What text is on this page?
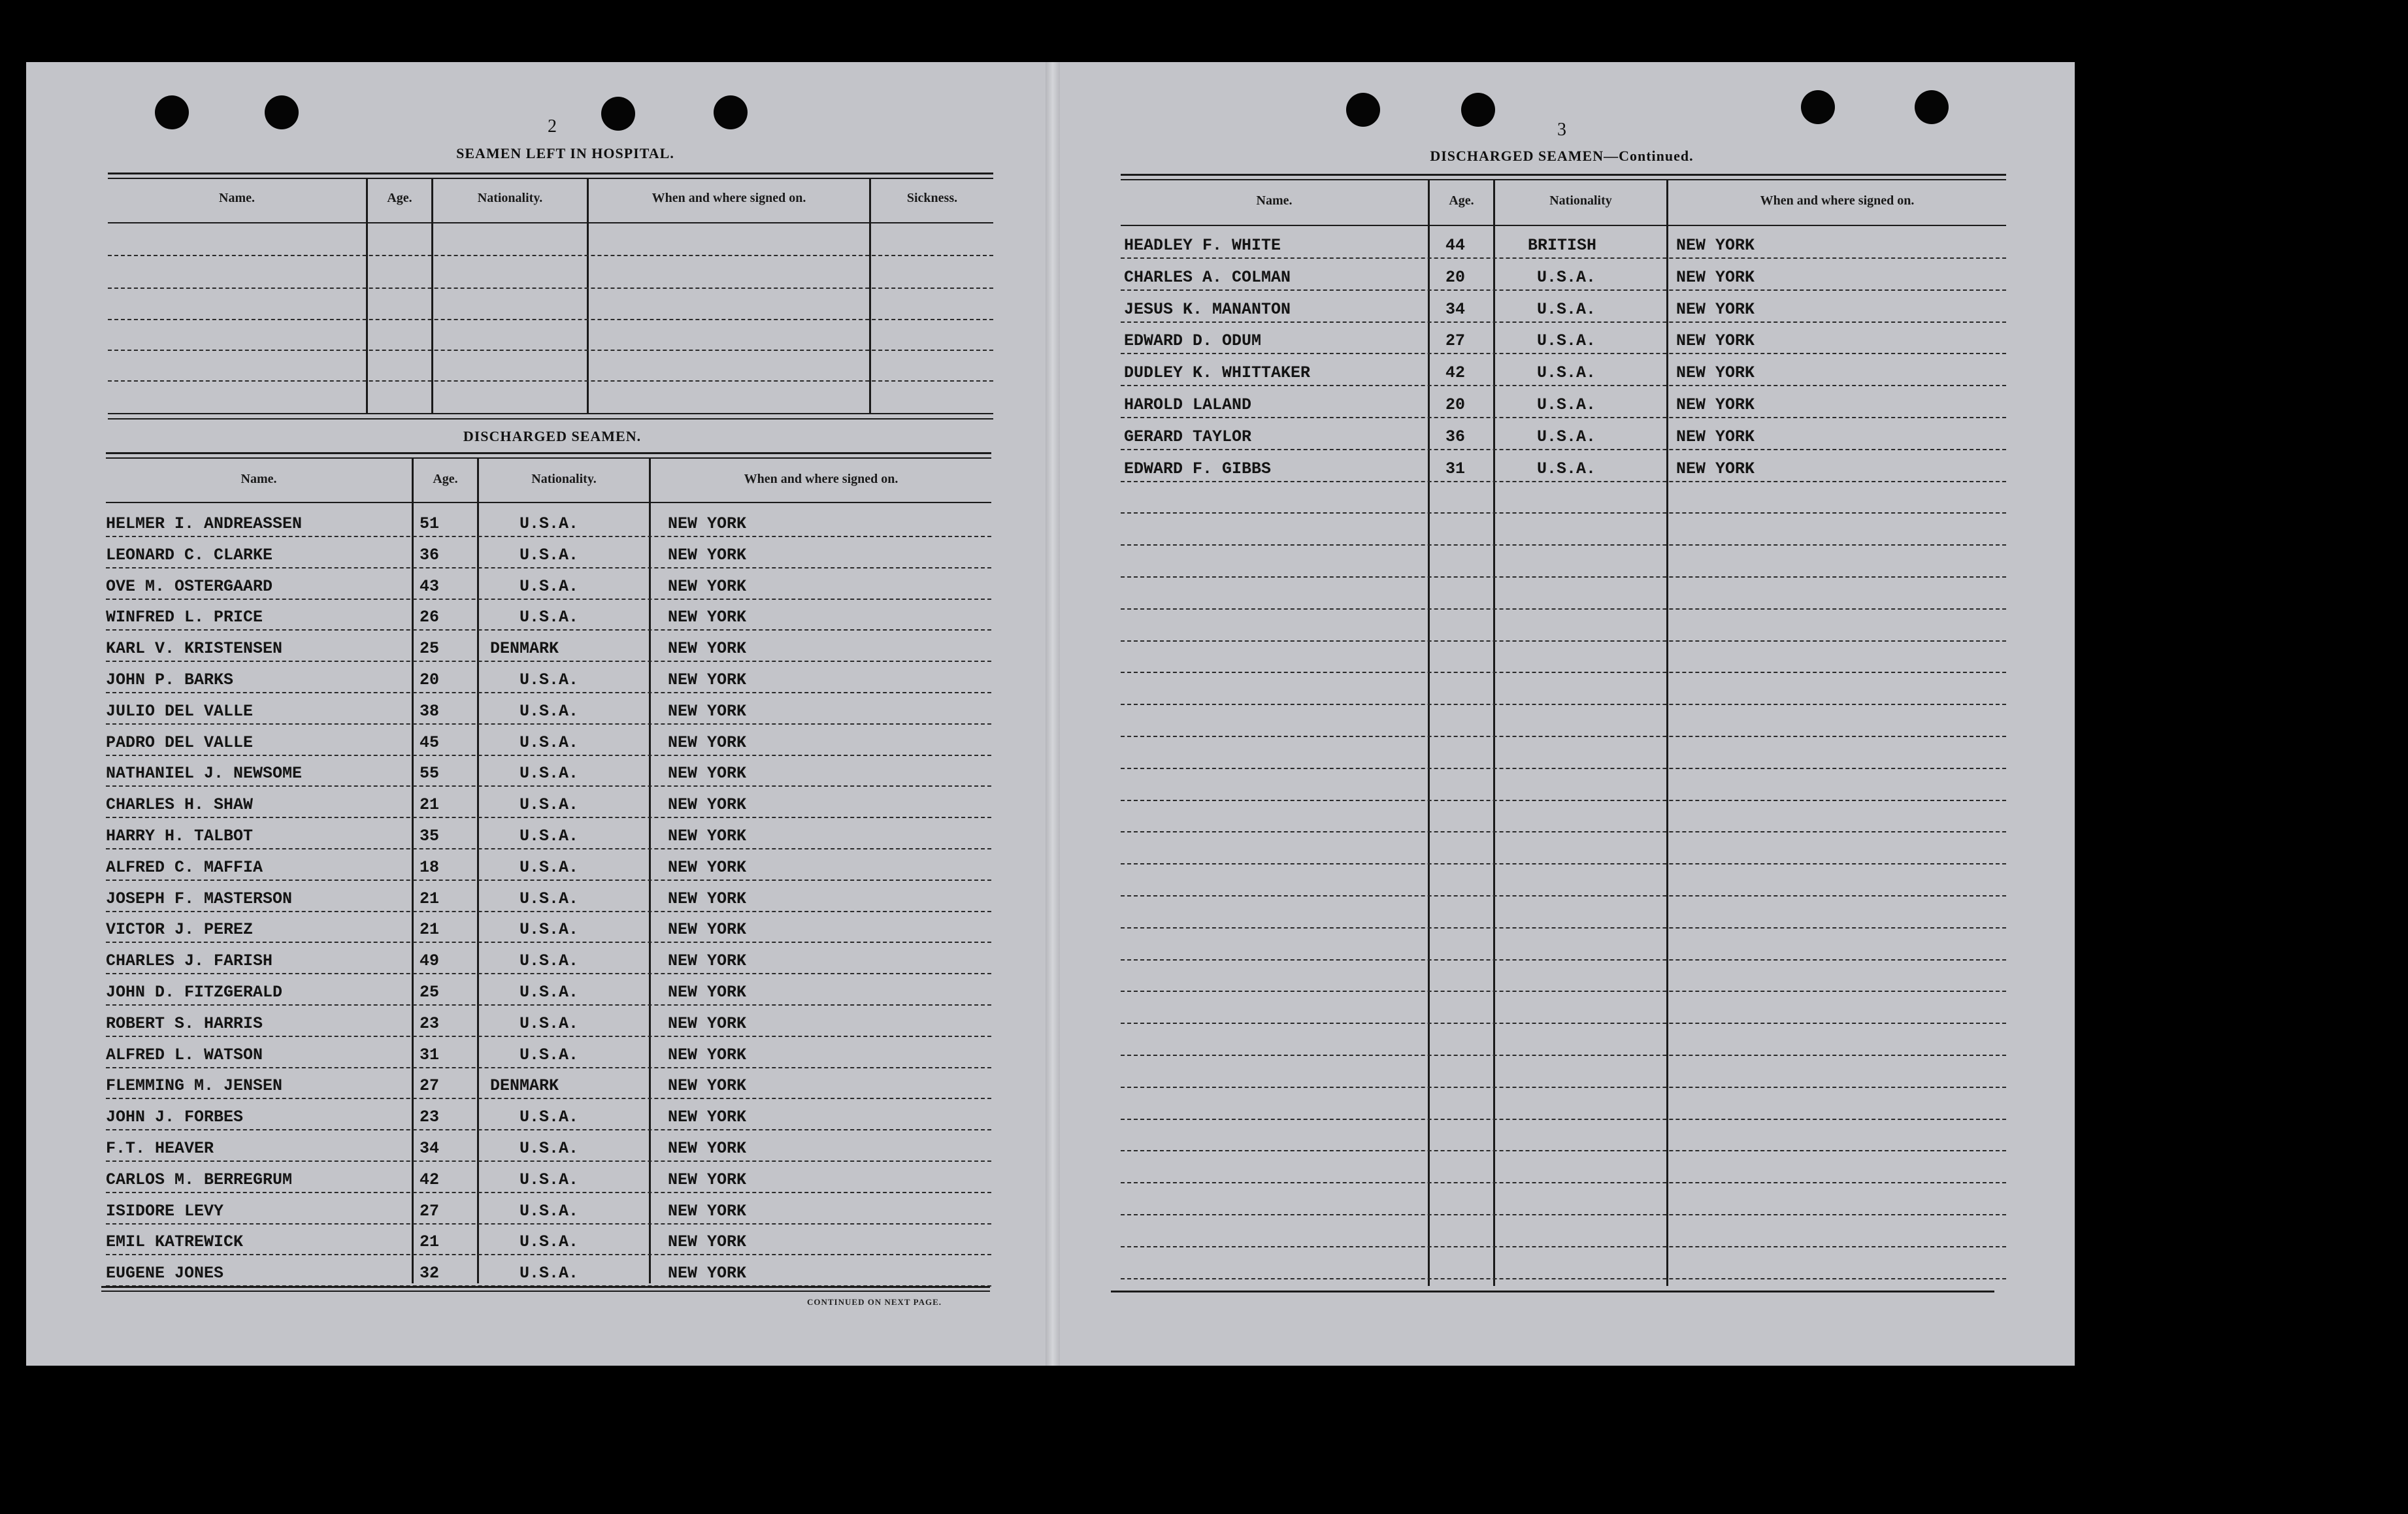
2
SEAMEN LEFT IN HOSPITAL.
Name.	Age.	Nationality.	When and where signed on.	Sickness.
DISCHARGED SEAMEN.
Name.	Age.	Nationality.	When and where signed on.
HELMER I. ANDREASSEN	51	U.S.A.	NEW YORK
LEONARD C. CLARKE	36	U.S.A.	NEW YORK
OVE M. OSTERGAARD	43	U.S.A.	NEW YORK
WINFRED L. PRICE	26	U.S.A.	NEW YORK
KARL V. KRISTENSEN	25	DENMARK	NEW YORK
JOHN P. BARKS	20	U.S.A.	NEW YORK
JULIO DEL VALLE	38	U.S.A.	NEW YORK
PADRO DEL VALLE	45	U.S.A.	NEW YORK
NATHANIEL J. NEWSOME	55	U.S.A.	NEW YORK
CHARLES H. SHAW	21	U.S.A.	NEW YORK
HARRY H. TALBOT	35	U.S.A.	NEW YORK
ALFRED C. MAFFIA	18	U.S.A.	NEW YORK
JOSEPH F. MASTERSON	21	U.S.A.	NEW YORK
VICTOR J. PEREZ	21	U.S.A.	NEW YORK
CHARLES J. FARISH	49	U.S.A.	NEW YORK
JOHN D. FITZGERALD	25	U.S.A.	NEW YORK
ROBERT S. HARRIS	23	U.S.A.	NEW YORK
ALFRED L. WATSON	31	U.S.A.	NEW YORK
FLEMMING M. JENSEN	27	DENMARK	NEW YORK
JOHN J. FORBES	23	U.S.A.	NEW YORK
F.T. HEAVER	34	U.S.A.	NEW YORK
CARLOS M. BERREGRUM	42	U.S.A.	NEW YORK
ISIDORE LEVY	27	U.S.A.	NEW YORK
EMIL KATREWICK	21	U.S.A.	NEW YORK
EUGENE JONES	32	U.S.A.	NEW YORK
CONTINUED ON NEXT PAGE.
3
DISCHARGED SEAMEN—Continued.
Name.	Age.	Nationality	When and where signed on.
HEADLEY F. WHITE	44	BRITISH	NEW YORK
CHARLES A. COLMAN	20	U.S.A.	NEW YORK
JESUS K. MANANTON	34	U.S.A.	NEW YORK
EDWARD D. ODUM	27	U.S.A.	NEW YORK
DUDLEY K. WHITTAKER	42	U.S.A.	NEW YORK
HAROLD LALAND	20	U.S.A.	NEW YORK
GERARD TAYLOR	36	U.S.A.	NEW YORK
EDWARD F. GIBBS	31	U.S.A.	NEW YORK
